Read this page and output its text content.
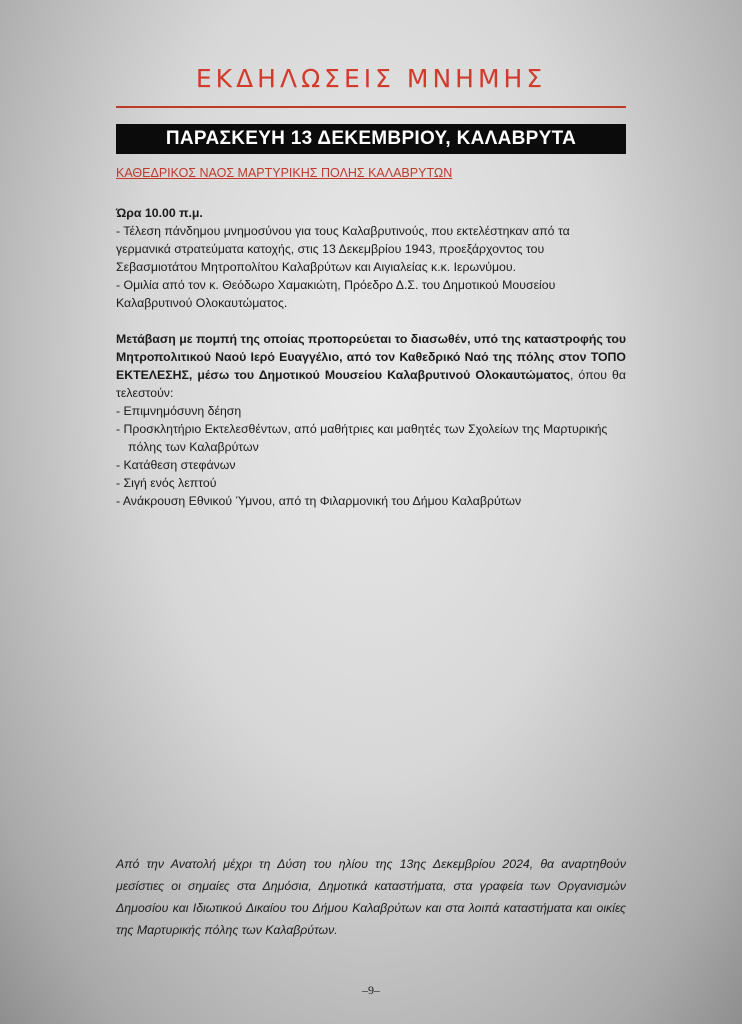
ΕΚΔΗΛΩΣΕΙΣ ΜΝΗΜΗΣ
ΠΑΡΑΣΚΕΥΗ 13 ΔΕΚΕΜΒΡΙΟΥ, ΚΑΛΑΒΡΥΤΑ
ΚΑΘΕΔΡΙΚΟΣ ΝΑΟΣ ΜΑΡΤΥΡΙΚΗΣ ΠΟΛΗΣ ΚΑΛΑΒΡΥΤΩΝ
Ώρα 10.00 π.μ.
- Τέλεση πάνδημου μνημοσύνου για τους Καλαβρυτινούς, που εκτελέστηκαν από τα γερμανικά στρατεύματα κατοχής, στις 13 Δεκεμβρίου 1943, προεξάρχοντος του Σεβασμιοτάτου Μητροπολίτου Καλαβρύτων και Αιγιαλείας κ.κ. Ιερωνύμου.
- Ομιλία από τον κ. Θεόδωρο Χαμακιώτη, Πρόεδρο Δ.Σ. του Δημοτικού Μουσείου Καλαβρυτινού Ολοκαυτώματος.

Μετάβαση με πομπή της οποίας προπορεύεται το διασωθέν, υπό της καταστροφής του Μητροπολιτικού Ναού Ιερό Ευαγγέλιο, από τον Καθεδρικό Ναό της πόλης στον ΤΟΠΟ ΕΚΤΕΛΕΣΗΣ, μέσω του Δημοτικού Μουσείου Καλαβρυτινού Ολοκαυτώματος, όπου θα τελεστούν:

- Επιμνημόσυνη δέηση
- Προσκλητήριο Εκτελεσθέντων, από μαθήτριες και μαθητές των Σχολείων της Μαρτυρικής πόλης των Καλαβρύτων
- Κατάθεση στεφάνων
- Σιγή ενός λεπτού
- Ανάκρουση Εθνικού Ύμνου, από τη Φιλαρμονική του Δήμου Καλαβρύτων

Από την Ανατολή μέχρι τη Δύση του ηλίου της 13ης Δεκεμβρίου 2024, θα αναρτηθούν μεσίστιες οι σημαίες στα Δημόσια, Δημοτικά καταστήματα, στα γραφεία των Οργανισμών Δημοσίου και Ιδιωτικού Δικαίου του Δήμου Καλαβρύτων και στα λοιπά καταστήματα και οικίες της Μαρτυρικής πόλης των Καλαβρύτων.

–9–
